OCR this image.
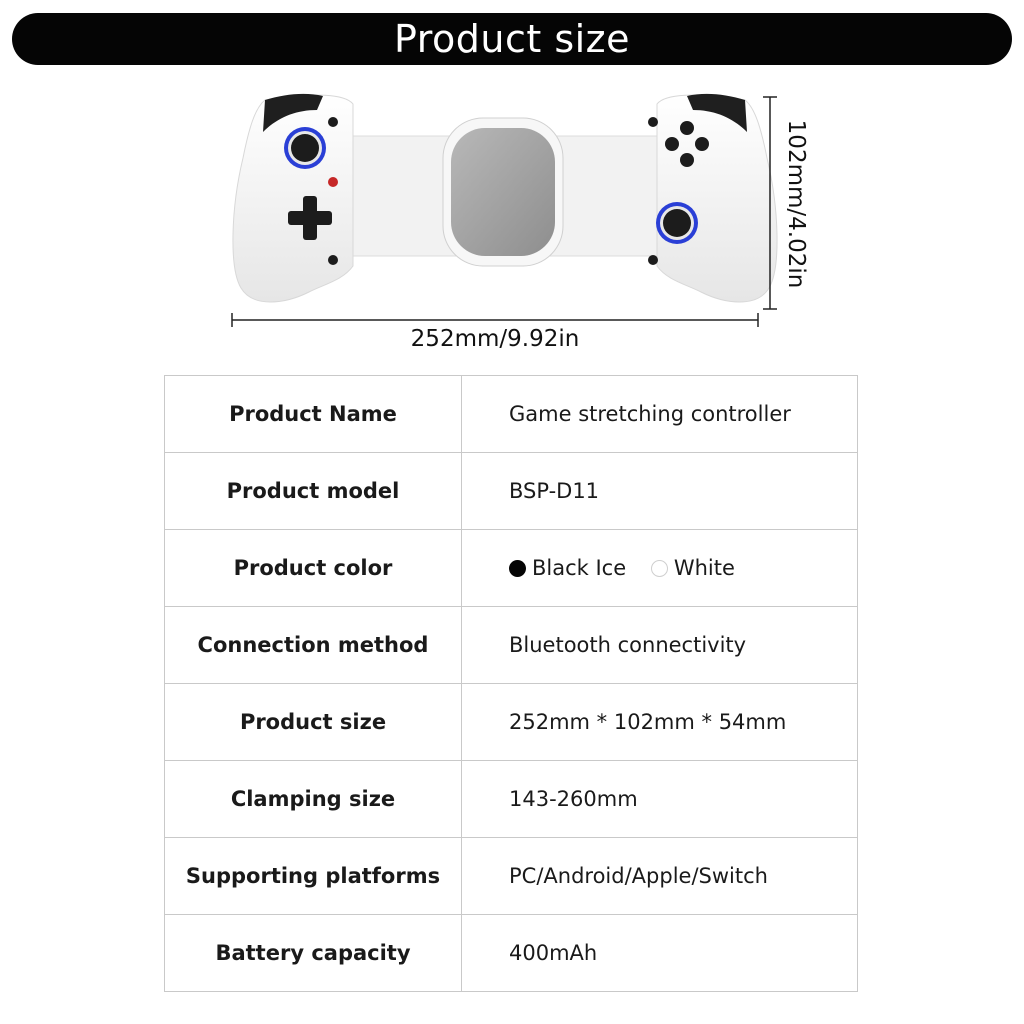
Product size
252mm/9.92in
102mm/4.02in
Product Name	Game stretching controller
Product model	BSP-D11
Product color	Black Ice White
Connection method	Bluetooth connectivity
Product size	252mm * 102mm * 54mm
Clamping size	143-260mm
Supporting platforms	PC/Android/Apple/Switch
Battery capacity	400mAh
